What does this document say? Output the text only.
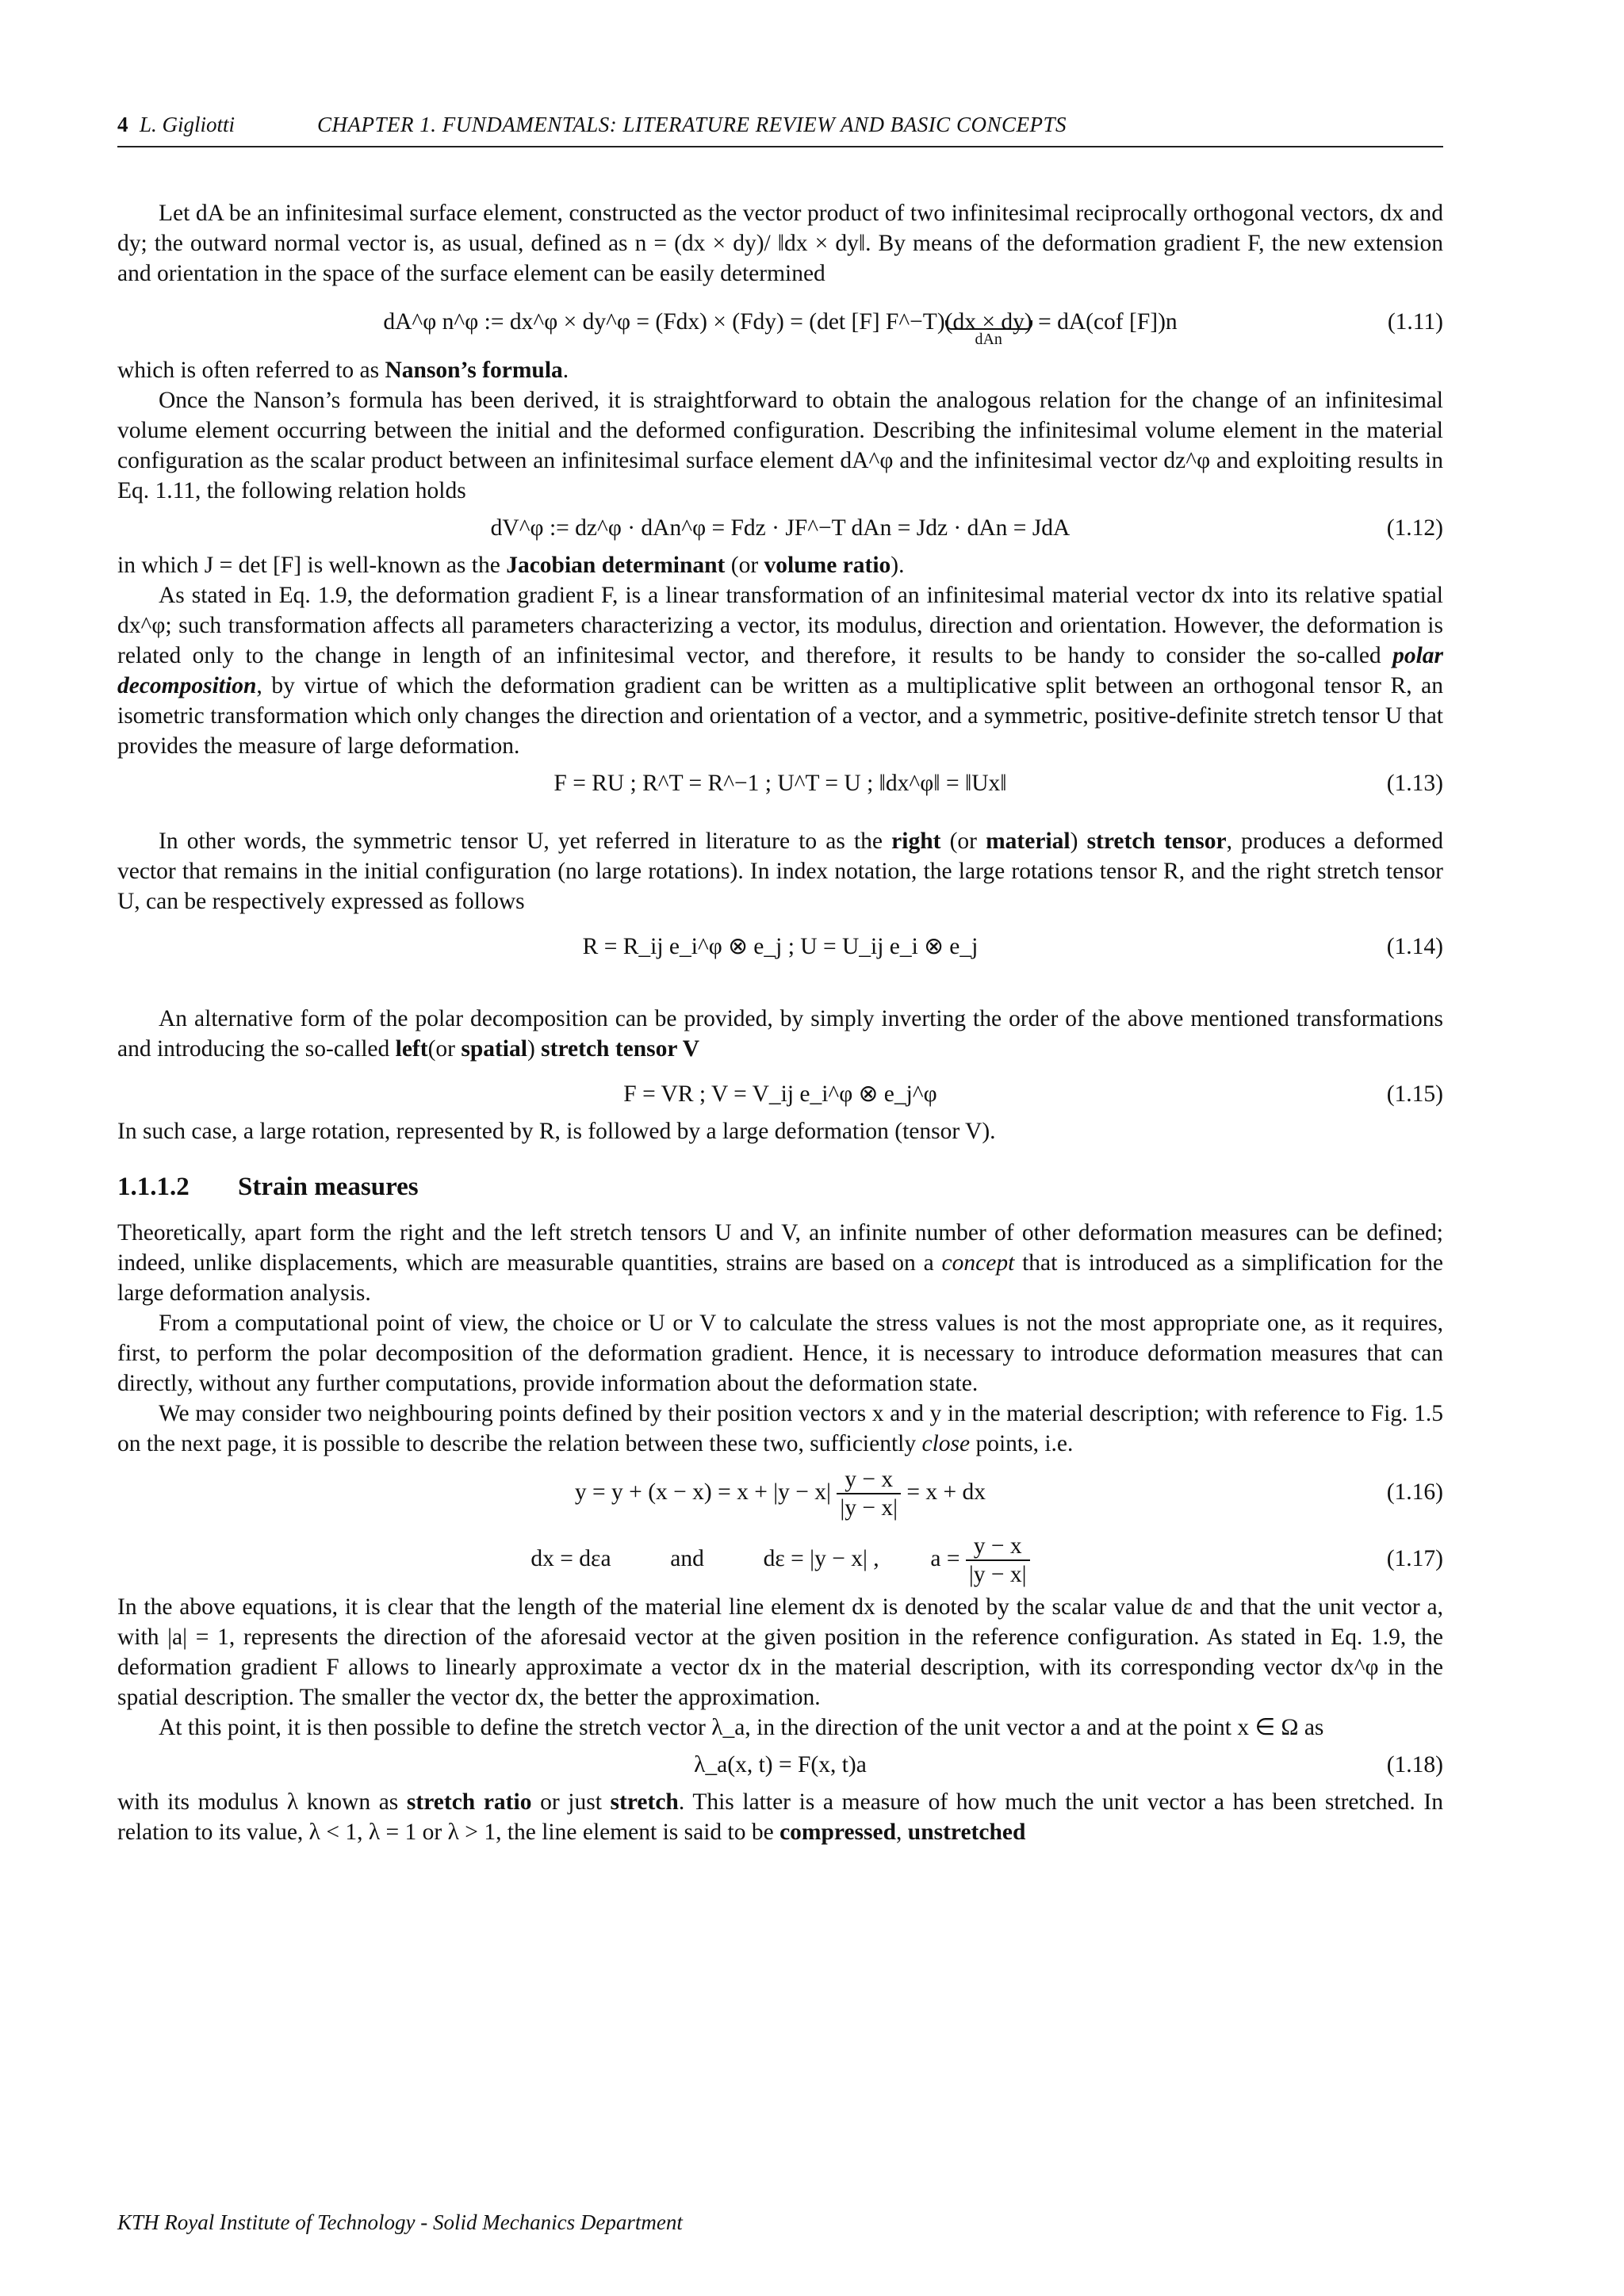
4 L. Gigliotti	CHAPTER 1. FUNDAMENTALS: LITERATURE REVIEW AND BASIC CONCEPTS

Let dA be an infinitesimal surface element, constructed as the vector product of two infinitesimal reciprocally orthogonal vectors, dx and dy; the outward normal vector is, as usual, defined as n = (dx × dy)/ ‖dx × dy‖. By means of the deformation gradient F, the new extension and orientation in the space of the surface element can be easily determined

dA^φ n^φ := dx^φ × dy^φ = (Fdx) × (Fdy) = (det [F] F^−T)(dx × dy)
dAn
= dA(cof [F])n	(1.11)

which is often referred to as Nanson’s formula.

Once the Nanson’s formula has been derived, it is straightforward to obtain the analogous relation for the change of an infinitesimal volume element occurring between the initial and the deformed configuration. Describing the infinitesimal volume element in the material configuration as the scalar product between an infinitesimal surface element dA^φ and the infinitesimal vector dz^φ and exploiting results in Eq. 1.11, the following relation holds

dV^φ := dz^φ · dAn^φ = Fdz · JF^−T dAn = Jdz · dAn = JdA	(1.12)

in which J = det [F] is well-known as the Jacobian determinant (or volume ratio).

As stated in Eq. 1.9, the deformation gradient F, is a linear transformation of an infinitesimal material vector dx into its relative spatial dx^φ; such transformation affects all parameters characterizing a vector, its modulus, direction and orientation. However, the deformation is related only to the change in length of an infinitesimal vector, and therefore, it results to be handy to consider the so-called polar decomposition, by virtue of which the deformation gradient can be written as a multiplicative split between an orthogonal tensor R, an isometric transformation which only changes the direction and orientation of a vector, and a symmetric, positive-definite stretch tensor U that provides the measure of large deformation.

F = RU ; R^T = R^−1 ; U^T = U ; ‖dx^φ‖ = ‖Ux‖	(1.13)

In other words, the symmetric tensor U, yet referred in literature to as the right (or material) stretch tensor, produces a deformed vector that remains in the initial configuration (no large rotations). In index notation, the large rotations tensor R, and the right stretch tensor U, can be respectively expressed as follows

R = R_ij e_i^φ ⊗ e_j ; U = U_ij e_i ⊗ e_j	(1.14)

An alternative form of the polar decomposition can be provided, by simply inverting the order of the above mentioned transformations and introducing the so-called left(or spatial) stretch tensor V

F = VR ; V = V_ij e_i^φ ⊗ e_j^φ	(1.15)

In such case, a large rotation, represented by R, is followed by a large deformation (tensor V).

1.1.1.2 Strain measures

Theoretically, apart form the right and the left stretch tensors U and V, an infinite number of other deformation measures can be defined; indeed, unlike displacements, which are measurable quantities, strains are based on a concept that is introduced as a simplification for the large deformation analysis.

From a computational point of view, the choice or U or V to calculate the stress values is not the most appropriate one, as it requires, first, to perform the polar decomposition of the deformation gradient. Hence, it is necessary to introduce deformation measures that can directly, without any further computations, provide information about the deformation state.

We may consider two neighbouring points defined by their position vectors x and y in the material description; with reference to Fig. 1.5 on the next page, it is possible to describe the relation between these two, sufficiently close points, i.e.

$y = y + (x - x) = x + |y - x| \frac{y - x}{|y - x|} = x$ + dx	(1.16)
dx = dεa	and	dε = |y − x| , $a = \frac{y - x}{|y - x|}$	(1.17)

In the above equations, it is clear that the length of the material line element dx is denoted by the scalar value dε and that the unit vector a, with |a| = 1, represents the direction of the aforesaid vector at the given position in the reference configuration. As stated in Eq. 1.9, the deformation gradient F allows to linearly approximate a vector dx in the material description, with its corresponding vector dx^φ in the spatial description. The smaller the vector dx, the better the approximation.

At this point, it is then possible to define the stretch vector λ_a, in the direction of the unit vector a and at the point x ∈ Ω as

λ_a(x, t) = F(x, t)a	(1.18)

with its modulus λ known as stretch ratio or just stretch. This latter is a measure of how much the unit vector a has been stretched. In relation to its value, λ < 1, λ = 1 or λ > 1, the line element is said to be compressed, unstretched

KTH Royal Institute of Technology - Solid Mechanics Department
